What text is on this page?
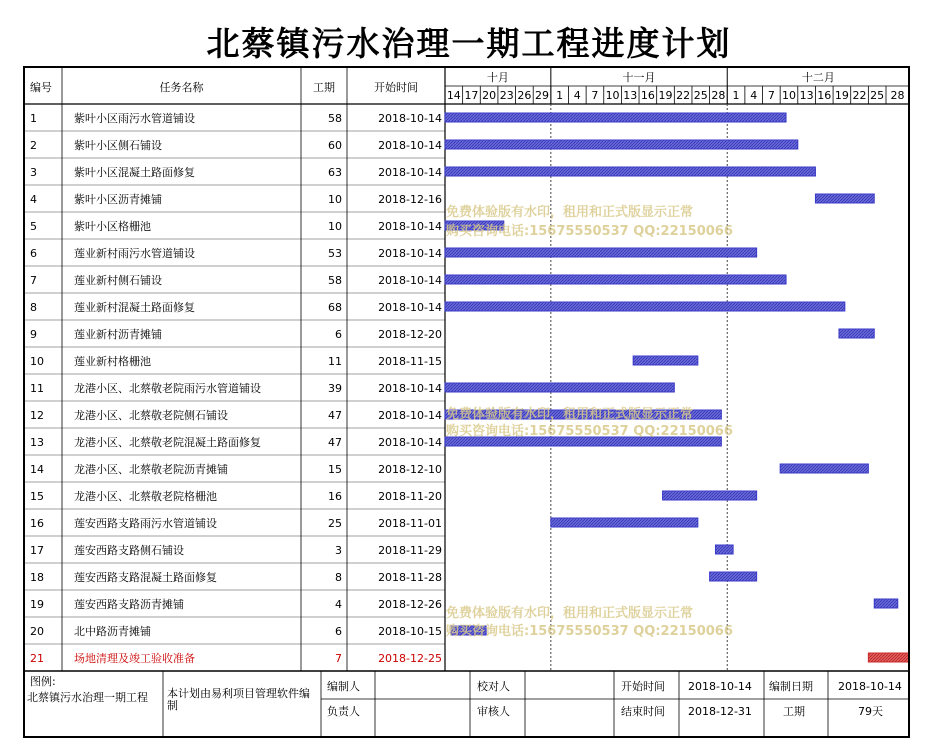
北蔡镇污水治理一期工程进度计划
编号	任务名称	工期	开始时间
十月	十一月	十二月
14 17 20 23 26 29 1 4 7 10 13 16 19 22 25 28 1 4 7 10 13 16 19 22 25 28
1	紫叶小区雨污水管道铺设	58	2018-10-14
2	紫叶小区侧石铺设	60	2018-10-14
3	紫叶小区混凝土路面修复	63	2018-10-14
4	紫叶小区沥青摊铺	10	2018-12-16
5	紫叶小区格栅池	10	2018-10-14
6	莲业新村雨污水管道铺设	53	2018-10-14
7	莲业新村侧石铺设	58	2018-10-14
8	莲业新村混凝土路面修复	68	2018-10-14
9	莲业新村沥青摊铺	6	2018-12-20
10	莲业新村格栅池	11	2018-11-15
11	龙港小区、北蔡敬老院雨污水管道铺设	39	2018-10-14
12	龙港小区、北蔡敬老院侧石铺设	47	2018-10-14
13	龙港小区、北蔡敬老院混凝土路面修复	47	2018-10-14
14	龙港小区、北蔡敬老院沥青摊铺	15	2018-12-10
15	龙港小区、北蔡敬老院格栅池	16	2018-11-20
16	莲安西路支路雨污水管道铺设	25	2018-11-01
17	莲安西路支路侧石铺设	3	2018-11-29
18	莲安西路支路混凝土路面修复	8	2018-11-28
19	莲安西路支路沥青摊铺	4	2018-12-26
20	北中路沥青摊铺	6	2018-10-15
21	场地清理及竣工验收准备	7	2018-12-25
免费体验版有水印，租用和正式版显示正常
购买咨询电话:15675550537 QQ:22150066
免费体验版有水印，租用和正式版显示正常
购买咨询电话:15675550537 QQ:22150066
免费体验版有水印，租用和正式版显示正常
购买咨询电话:15675550537 QQ:22150066
图例:
北蔡镇污水治理一期工程 本计划由易利项目管理软件编制
编制人
负责人
校对人
审核人
开始时间 2018-10-14
结束时间 2018-12-31
编制日期 2018-10-14
工期	79天
